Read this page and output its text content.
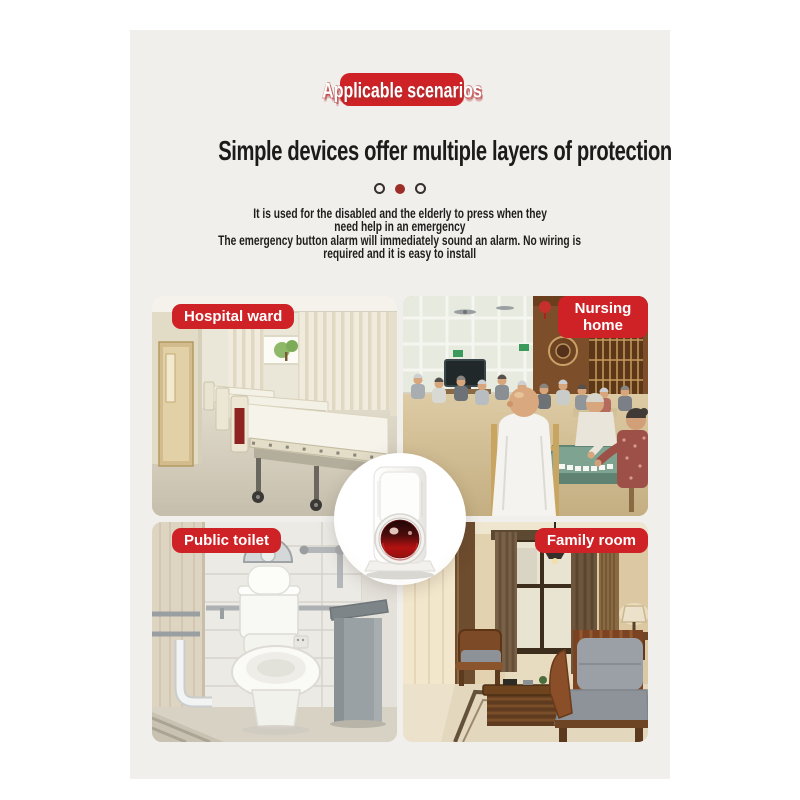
Applicable scenarios
Simple devices offer multiple layers of protection

It is used for the disabled and the elderly to press when they
need help in an emergency
The emergency button alarm will immediately sound an alarm. No wiring is
required and it is easy to install
Hospital ward	Nursing home
Public toilet	Family room
